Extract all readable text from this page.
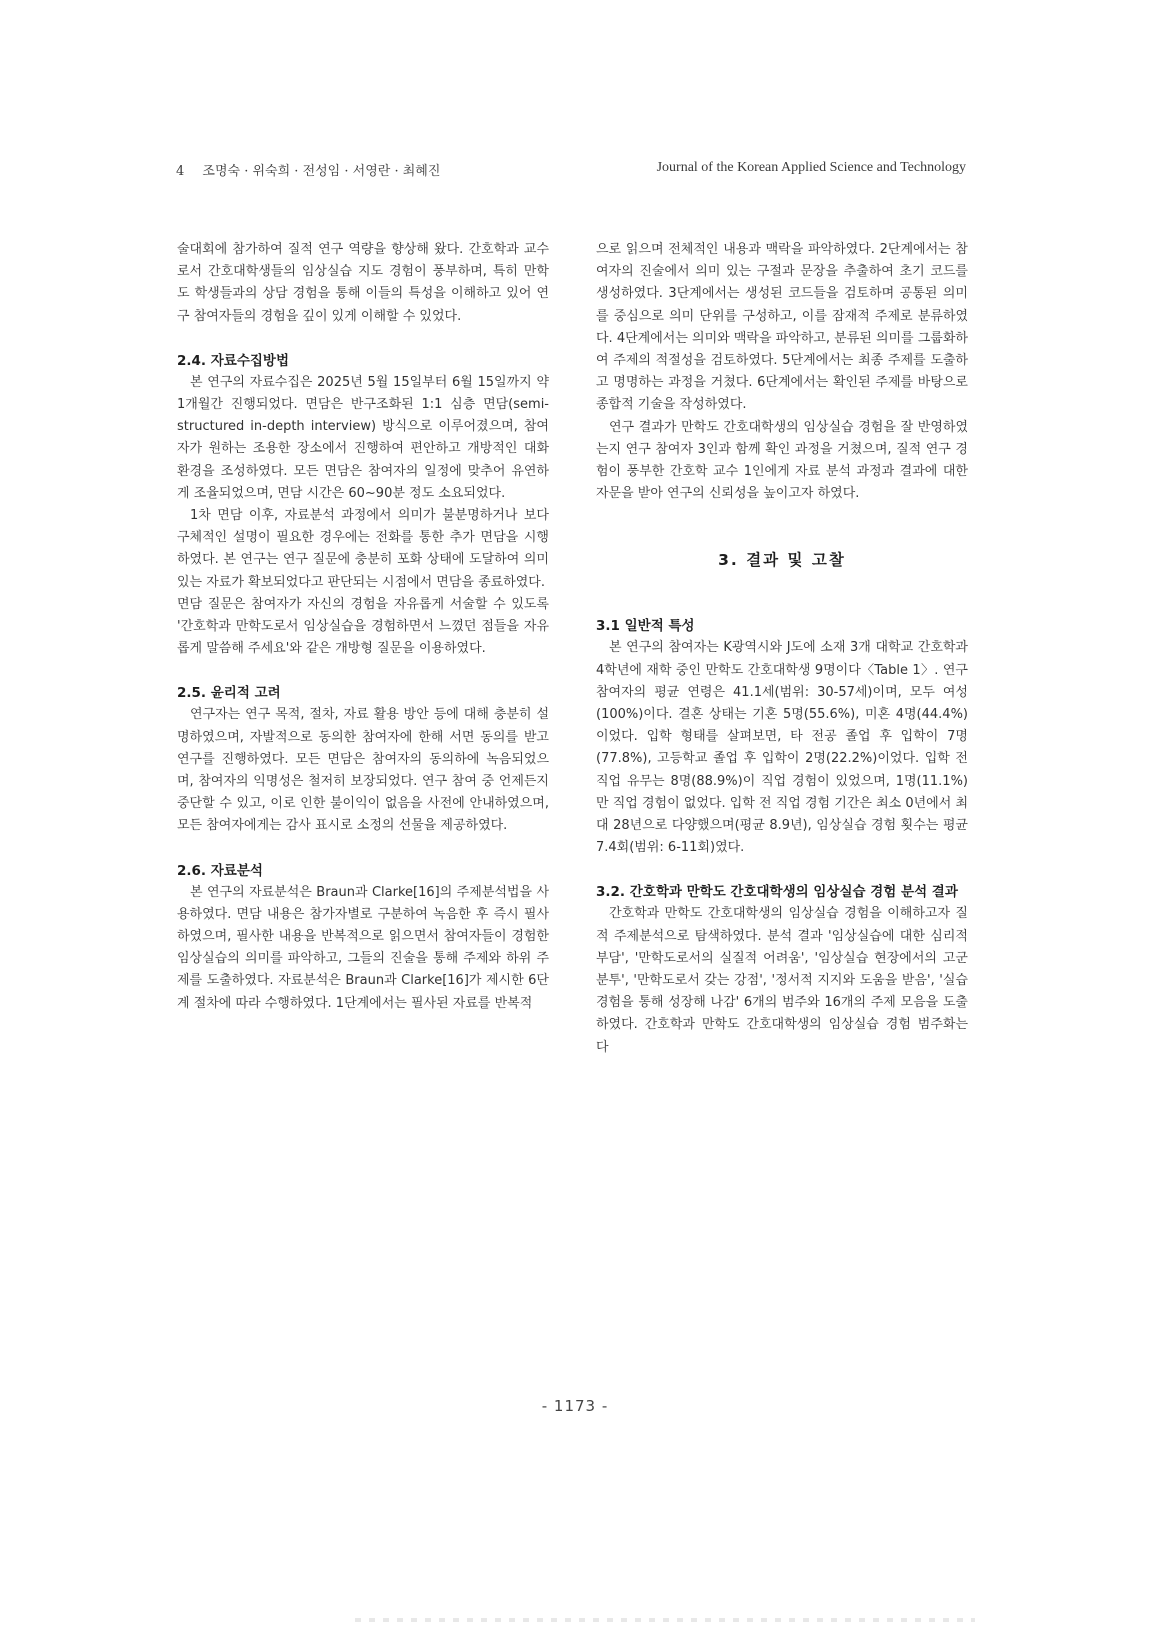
4 조명숙 · 위숙희 · 전성임 · 서영란 · 최혜진	Journal of the Korean Applied Science and Technology

술대회에 참가하여 질적 연구 역량을 향상해 왔다. 간호학과 교수로서 간호대학생들의 임상실습 지도 경험이 풍부하며, 특히 만학도 학생들과의 상담 경험을 통해 이들의 특성을 이해하고 있어 연구 참여자들의 경험을 깊이 있게 이해할 수 있었다.

2.4. 자료수집방법

본 연구의 자료수집은 2025년 5월 15일부터 6월 15일까지 약 1개월간 진행되었다. 면담은 반구조화된 1:1 심층 면담(semi-structured in-depth interview) 방식으로 이루어졌으며, 참여자가 원하는 조용한 장소에서 진행하여 편안하고 개방적인 대화 환경을 조성하였다. 모든 면담은 참여자의 일정에 맞추어 유연하게 조율되었으며, 면담 시간은 60~90분 정도 소요되었다.

1차 면담 이후, 자료분석 과정에서 의미가 불분명하거나 보다 구체적인 설명이 필요한 경우에는 전화를 통한 추가 면담을 시행하였다. 본 연구는 연구 질문에 충분히 포화 상태에 도달하여 의미 있는 자료가 확보되었다고 판단되는 시점에서 면담을 종료하였다.

면담 질문은 참여자가 자신의 경험을 자유롭게 서술할 수 있도록 '간호학과 만학도로서 임상실습을 경험하면서 느꼈던 점들을 자유롭게 말씀해 주세요'와 같은 개방형 질문을 이용하였다.

2.5. 윤리적 고려

연구자는 연구 목적, 절차, 자료 활용 방안 등에 대해 충분히 설명하였으며, 자발적으로 동의한 참여자에 한해 서면 동의를 받고 연구를 진행하였다. 모든 면담은 참여자의 동의하에 녹음되었으며, 참여자의 익명성은 철저히 보장되었다. 연구 참여 중 언제든지 중단할 수 있고, 이로 인한 불이익이 없음을 사전에 안내하였으며, 모든 참여자에게는 감사 표시로 소정의 선물을 제공하였다.

2.6. 자료분석

본 연구의 자료분석은 Braun과 Clarke[16]의 주제분석법을 사용하였다. 면담 내용은 참가자별로 구분하여 녹음한 후 즉시 필사하였으며, 필사한 내용을 반복적으로 읽으면서 참여자들이 경험한 임상실습의 의미를 파악하고, 그들의 진술을 통해 주제와 하위 주제를 도출하였다. 자료분석은 Braun과 Clarke[16]가 제시한 6단계 절차에 따라 수행하였다. 1단계에서는 필사된 자료를 반복적

으로 읽으며 전체적인 내용과 맥락을 파악하였다. 2단계에서는 참여자의 진술에서 의미 있는 구절과 문장을 추출하여 초기 코드를 생성하였다. 3단계에서는 생성된 코드들을 검토하며 공통된 의미를 중심으로 의미 단위를 구성하고, 이를 잠재적 주제로 분류하였다. 4단계에서는 의미와 맥락을 파악하고, 분류된 의미를 그룹화하여 주제의 적절성을 검토하였다. 5단계에서는 최종 주제를 도출하고 명명하는 과정을 거쳤다. 6단계에서는 확인된 주제를 바탕으로 종합적 기술을 작성하였다.

연구 결과가 만학도 간호대학생의 임상실습 경험을 잘 반영하였는지 연구 참여자 3인과 함께 확인 과정을 거쳤으며, 질적 연구 경험이 풍부한 간호학 교수 1인에게 자료 분석 과정과 결과에 대한 자문을 받아 연구의 신뢰성을 높이고자 하였다.

3. 결과 및 고찰
3.1 일반적 특성

본 연구의 참여자는 K광역시와 J도에 소재 3개 대학교 간호학과 4학년에 재학 중인 만학도 간호대학생 9명이다〈Table 1〉. 연구 참여자의 평균 연령은 41.1세(범위: 30-57세)이며, 모두 여성(100%)이다. 결혼 상태는 기혼 5명(55.6%), 미혼 4명(44.4%)이었다. 입학 형태를 살펴보면, 타 전공 졸업 후 입학이 7명(77.8%), 고등학교 졸업 후 입학이 2명(22.2%)이었다. 입학 전 직업 유무는 8명(88.9%)이 직업 경험이 있었으며, 1명(11.1%)만 직업 경험이 없었다. 입학 전 직업 경험 기간은 최소 0년에서 최대 28년으로 다양했으며(평균 8.9년), 임상실습 경험 횟수는 평균 7.4회(범위: 6-11회)였다.

3.2. 간호학과 만학도 간호대학생의 임상실습 경험 분석 결과

간호학과 만학도 간호대학생의 임상실습 경험을 이해하고자 질적 주제분석으로 탐색하였다. 분석 결과 '임상실습에 대한 심리적 부담', '만학도로서의 실질적 어려움', '임상실습 현장에서의 고군분투', '만학도로서 갖는 강점', '정서적 지지와 도움을 받음', '실습 경험을 통해 성장해 나감' 6개의 범주와 16개의 주제 모음을 도출하였다. 간호학과 만학도 간호대학생의 임상실습 경험 범주화는 다

- 1173 -
